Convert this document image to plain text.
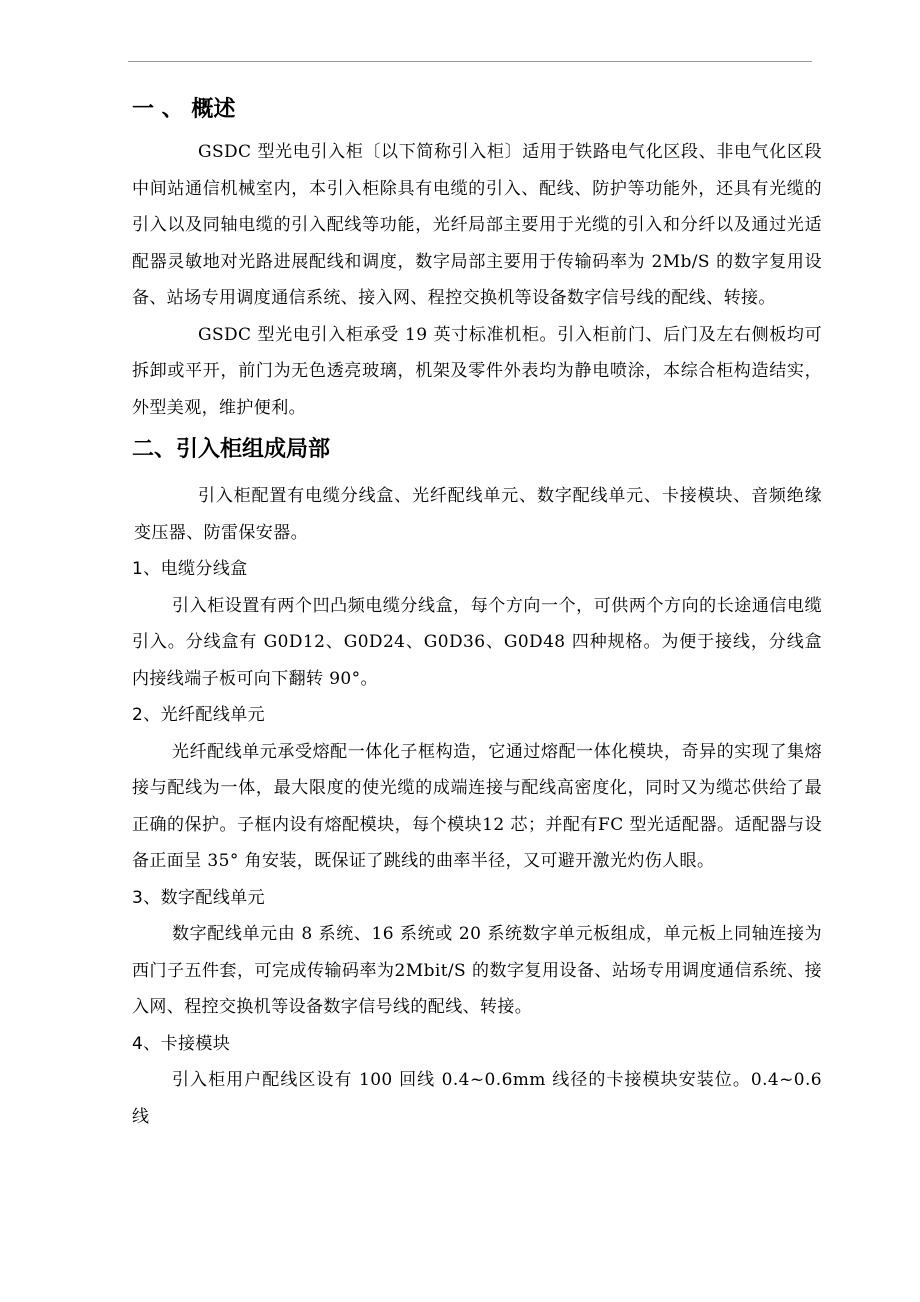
一 、 概述

GSDC 型光电引入柜〔以下简称引入柜〕适用于铁路电气化区段、非电气化区段中间站通信机械室内，本引入柜除具有电缆的引入、配线、防护等功能外，还具有光缆的引入以及同轴电缆的引入配线等功能，光纤局部主要用于光缆的引入和分纤以及通过光适配器灵敏地对光路进展配线和调度，数字局部主要用于传输码率为 2Mb/S 的数字复用设备、站场专用调度通信系统、接入网、程控交换机等设备数字信号线的配线、转接。

GSDC 型光电引入柜承受 19 英寸标准机柜。引入柜前门、后门及左右侧板均可拆卸或平开，前门为无色透亮玻璃，机架及零件外表均为静电喷涂，本综合柜构造结实，外型美观，维护便利。

二、引入柜组成局部

引入柜配置有电缆分线盒、光纤配线单元、数字配线单元、卡接模块、音频绝缘变压器、防雷保安器。

1、电缆分线盒

引入柜设置有两个凹凸频电缆分线盒，每个方向一个，可供两个方向的长途通信电缆引入。分线盒有 G0D12、G0D24、G0D36、G0D48 四种规格。为便于接线，分线盒内接线端子板可向下翻转 90°。

2、光纤配线单元

光纤配线单元承受熔配一体化子框构造，它通过熔配一体化模块，奇异的实现了集熔接与配线为一体，最大限度的使光缆的成端连接与配线高密度化，同时又为缆芯供给了最正确的保护。子框内设有熔配模块，每个模块12 芯；并配有FC 型光适配器。适配器与设备正面呈 35° 角安装，既保证了跳线的曲率半径，又可避开激光灼伤人眼。

3、数字配线单元

数字配线单元由 8 系统、16 系统或 20 系统数字单元板组成，单元板上同轴连接为西门子五件套，可完成传输码率为2Mbit/S 的数字复用设备、站场专用调度通信系统、接入网、程控交换机等设备数字信号线的配线、转接。

4、卡接模块

引入柜用户配线区设有 100 回线 0.4~0.6mm 线径的卡接模块安装位。0.4~0.6 线
